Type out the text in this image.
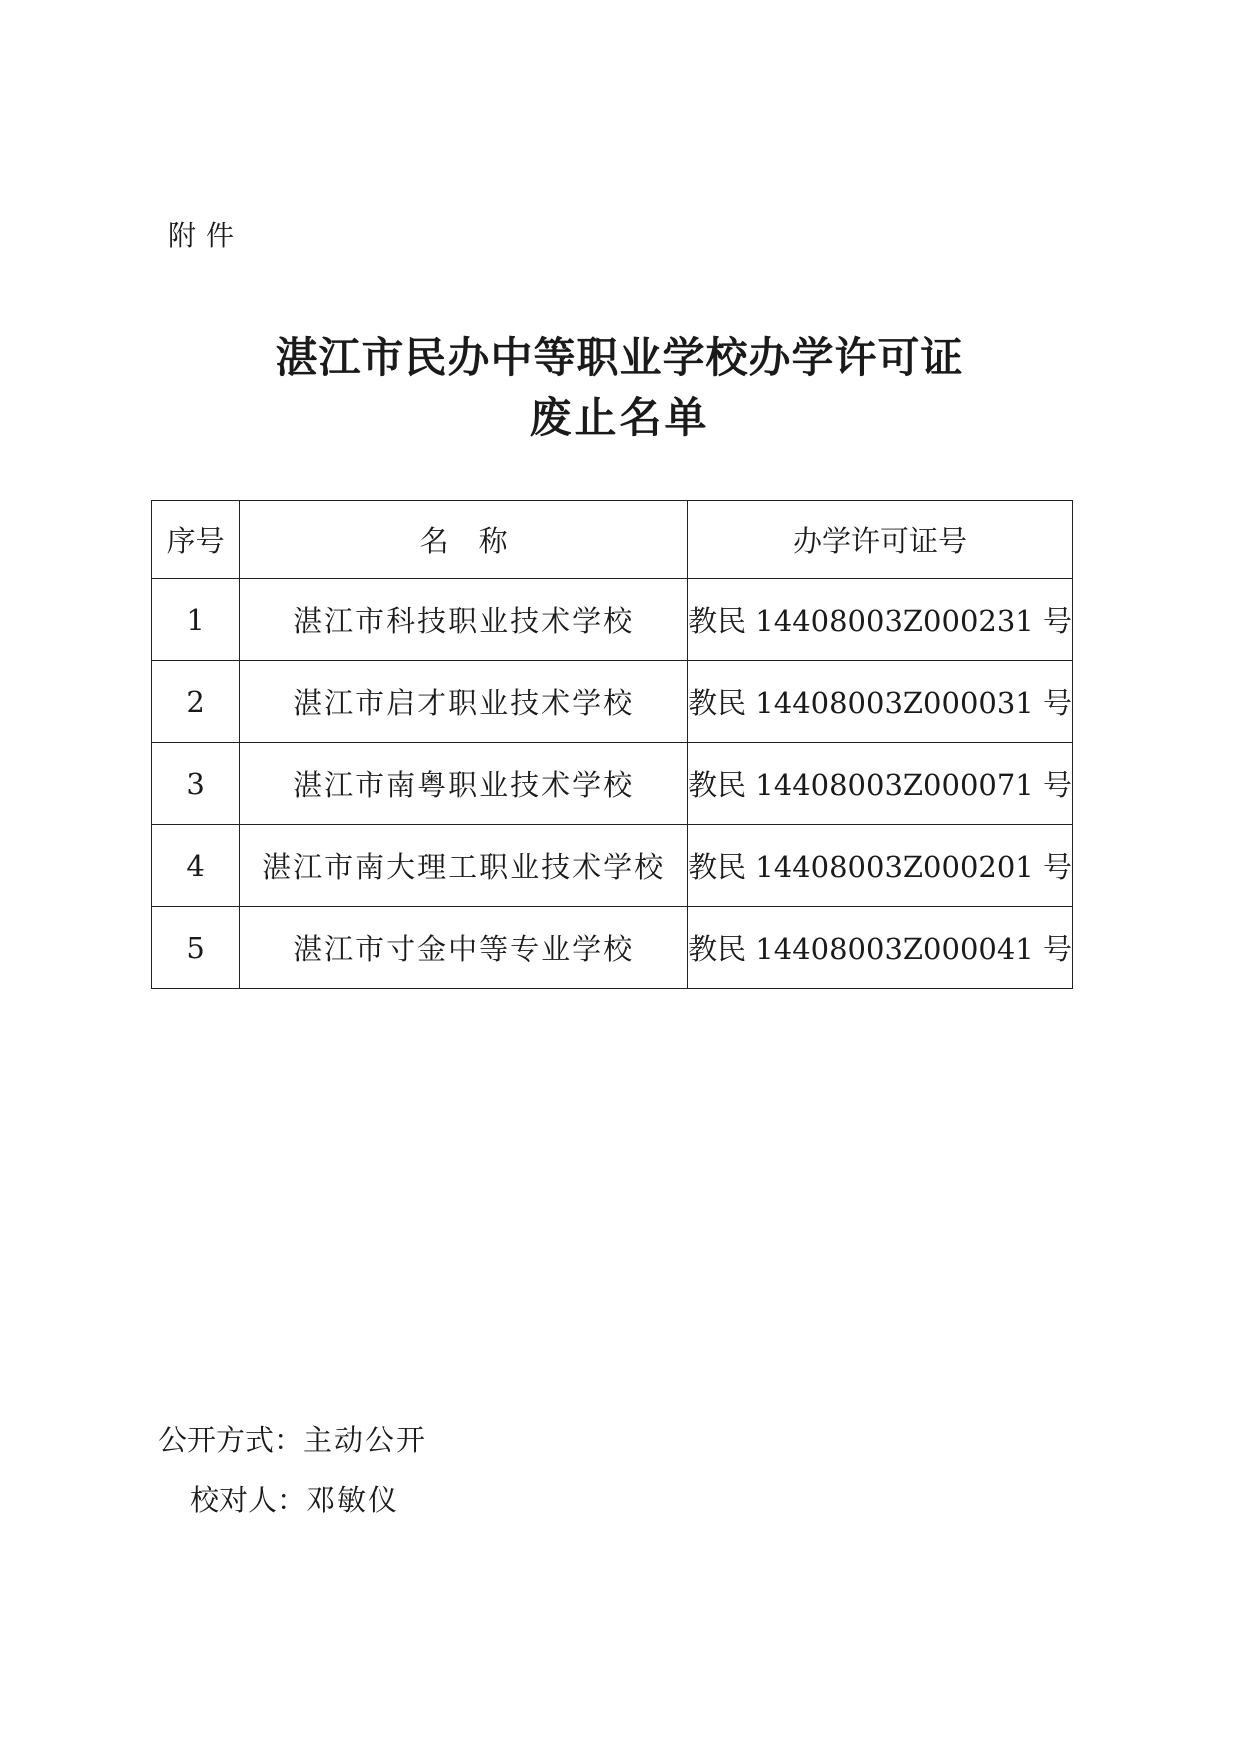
附件
湛江市民办中等职业学校办学许可证
废止名单
序号	名称	办学许可证号
1	湛江市科技职业技术学校	教民 14408003Z000231 号
2	湛江市启才职业技术学校	教民 14408003Z000031 号
3	湛江市南粤职业技术学校	教民 14408003Z000071 号
4	湛江市南大理工职业技术学校	教民 14408003Z000201 号
5	湛江市寸金中等专业学校	教民 14408003Z000041 号
公开方式：主动公开
校对人：邓敏仪
